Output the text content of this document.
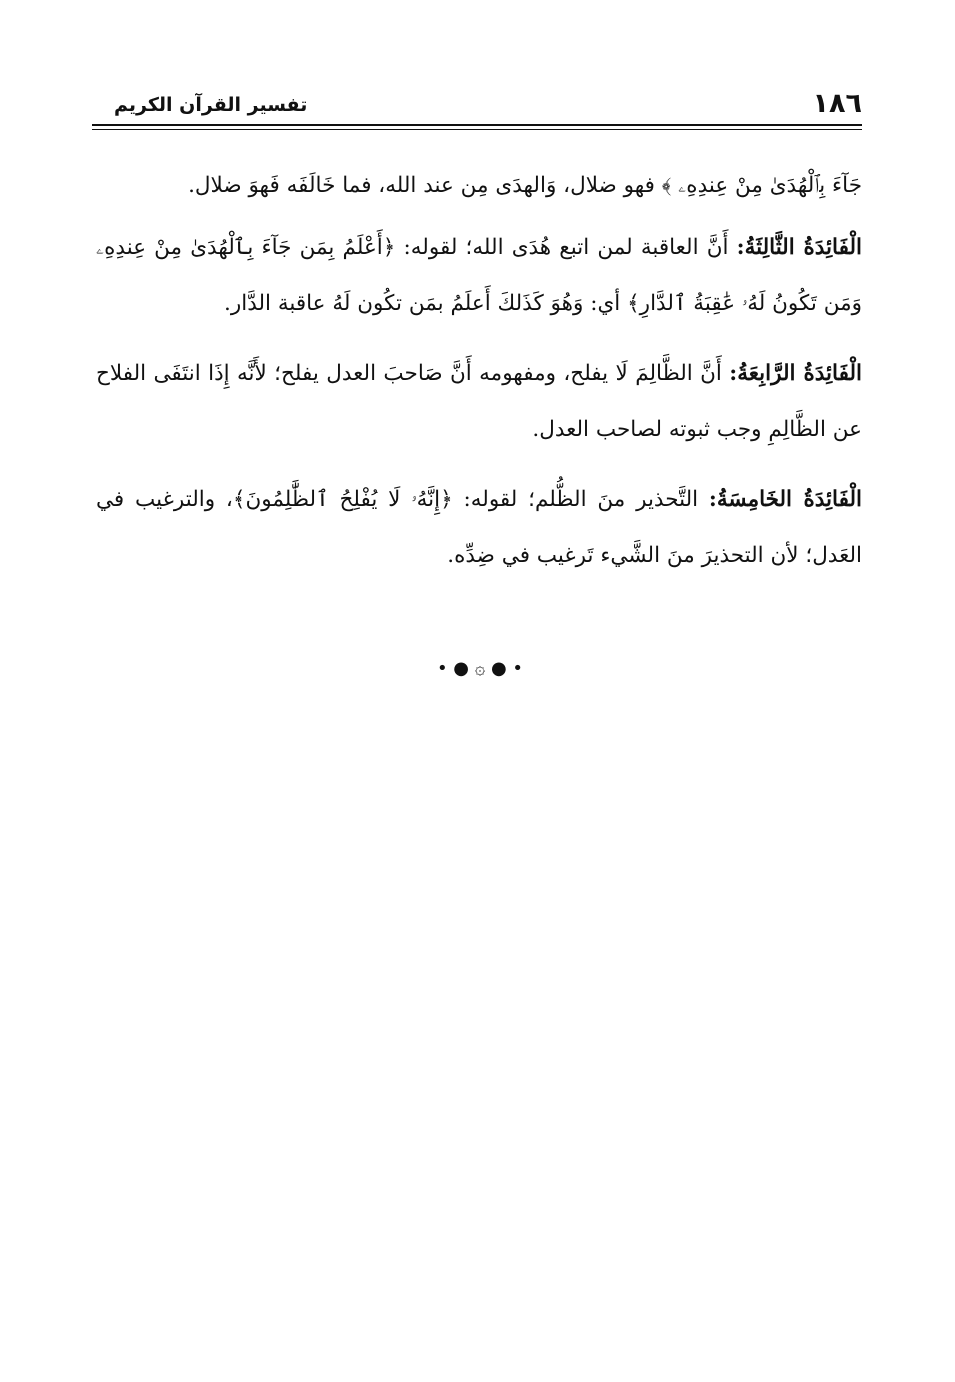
١٨٦
تفسير القرآن الكريم

جَآءَ بِٱلْهُدَىٰ مِنْ عِندِهِۦ ﴾ فهو ضلال، وَالهدَى مِن عند الله، فما خَالَفَه فَهوَ ضلال.

الْفَائِدَةُ الثَّالِثَةُ: أَنَّ العاقبة لمن اتبع هُدَى الله؛ لقوله: ﴿أَعْلَمُ بِمَن جَآءَ بِٱلْهُدَىٰ مِنْ عِندِهِۦ وَمَن تَكُونُ لَهُۥ عَٰقِبَةُ ٱلدَّارِ﴾ أي: وَهُوَ كَذَلكَ أَعلَمُ بمَن تكُون لَهُ عاقبة الدَّار.

الْفَائِدَةُ الرَّابِعَةُ: أَنَّ الظَّالِمَ لَا يفلح، ومفهومه أَنَّ صَاحبَ العدل يفلح؛ لأَنَّه إِذَا انتَفَى الفلاح عن الظَّالِمِ وجب ثبوته لصاحب العدل.

الْفَائِدَةُ الخَامِسَةُ: التَّحذير منَ الظُّلم؛ لقوله: ﴿إِنَّهُۥ لَا يُفْلِحُ ٱلظَّٰلِمُونَ﴾، والترغيب في العَدل؛ لأن التحذيرَ منَ الشَّيء تَرغيب في ضِدِّه.

• ● ۞ ● •
